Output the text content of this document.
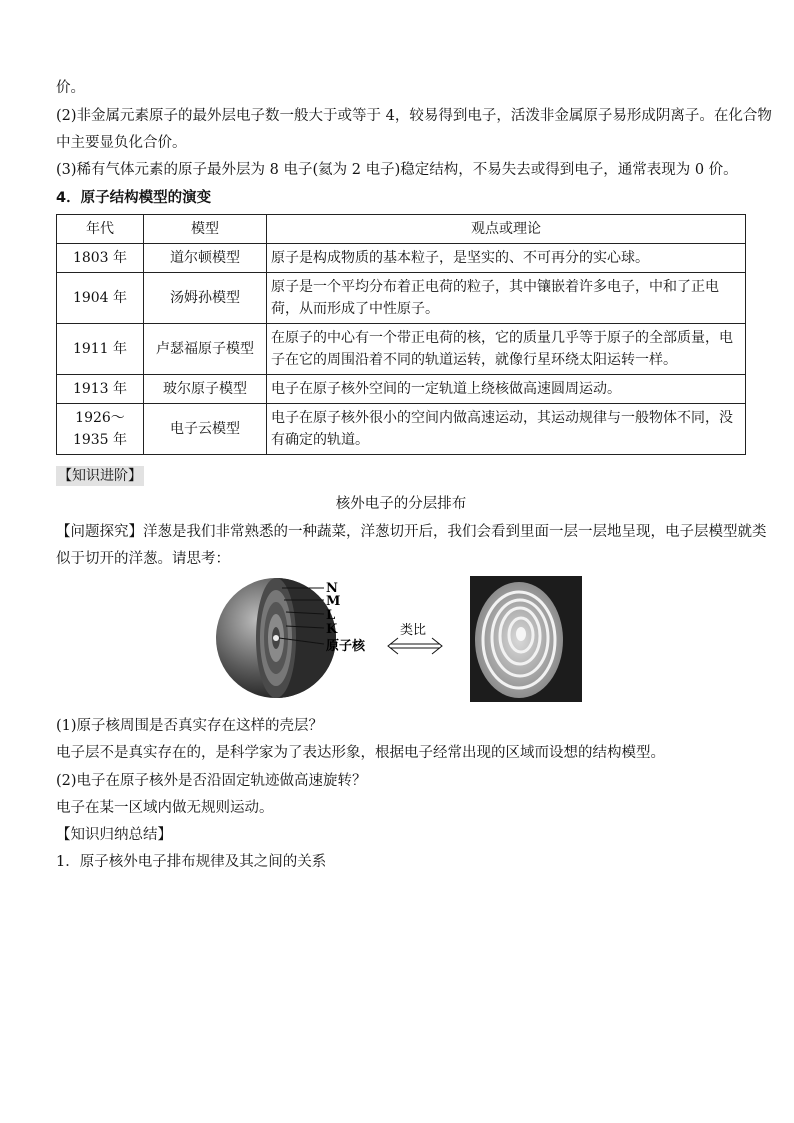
价。
(2)非金属元素原子的最外层电子数一般大于或等于 4，较易得到电子，活泼非金属原子易形成阴离子。在化合物
中主要显负化合价。
(3)稀有气体元素的原子最外层为 8 电子(氦为 2 电子)稳定结构，不易失去或得到电子，通常表现为 0 价。
4．原子结构模型的演变
年代	模型	观点或理论
1803 年	道尔顿模型	原子是构成物质的基本粒子，是坚实的、不可再分的实心球。
1904 年	汤姆孙模型	原子是一个平均分布着正电荷的粒子，其中镶嵌着许多电子，中和了正电荷，从而形成了中性原子。
1911 年	卢瑟福原子模型	在原子的中心有一个带正电荷的核，它的质量几乎等于原子的全部质量，电子在它的周围沿着不同的轨道运转，就像行星环绕太阳运转一样。
1913 年	玻尔原子模型	电子在原子核外空间的一定轨道上绕核做高速圆周运动。
1926～1935 年	电子云模型	电子在原子核外很小的空间内做高速运动，其运动规律与一般物体不同，没有确定的轨道。
【知识进阶】
核外电子的分层排布
【问题探究】洋葱是我们非常熟悉的一种蔬菜，洋葱切开后，我们会看到里面一层一层地呈现，电子层模型就类
似于切开的洋葱。请思考：
N
M
L
K
原子核
类比
(1)原子核周围是否真实存在这样的壳层？
电子层不是真实存在的，是科学家为了表达形象，根据电子经常出现的区域而设想的结构模型。
(2)电子在原子核外是否沿固定轨迹做高速旋转？
电子在某一区域内做无规则运动。
【知识归纳总结】
1．原子核外电子排布规律及其之间的关系
